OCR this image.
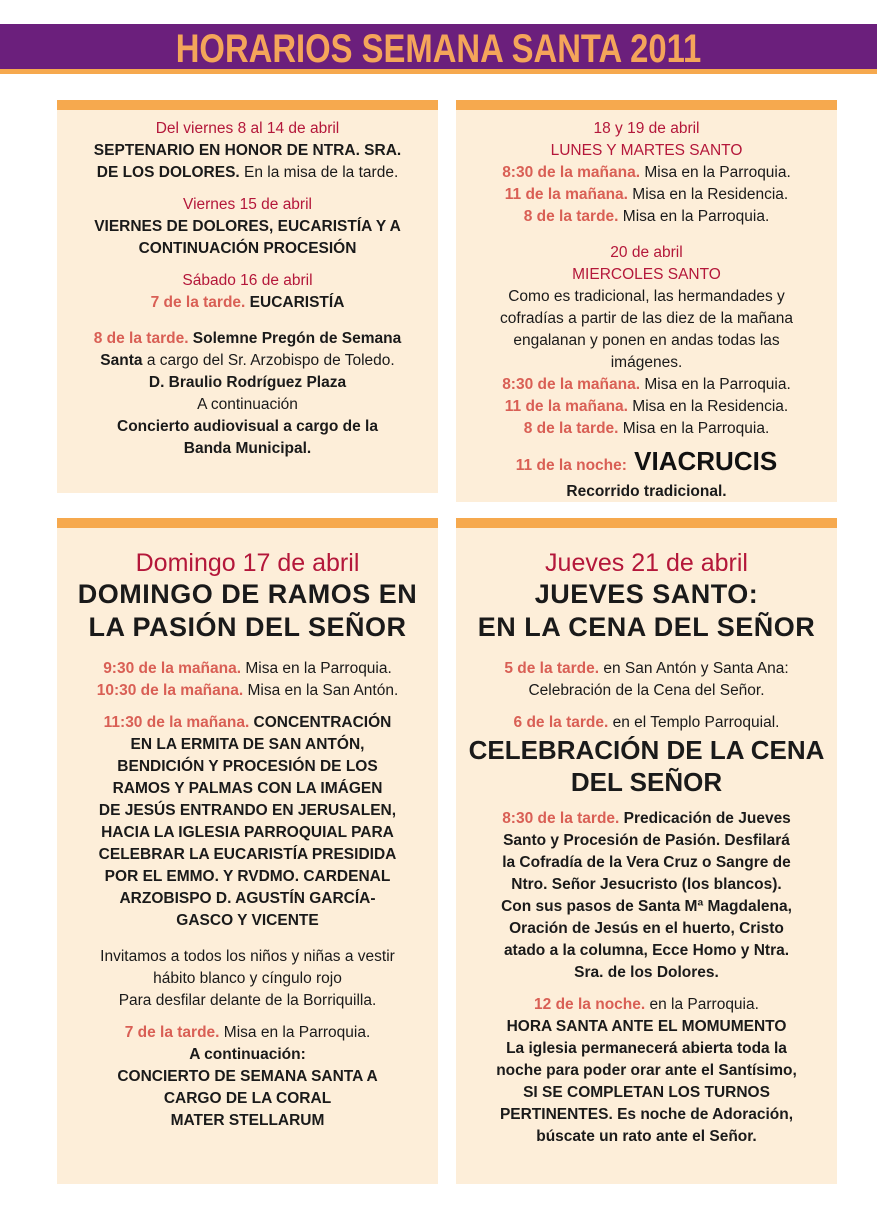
HORARIOS SEMANA SANTA 2011

Del viernes 8 al 14 de abril

SEPTENARIO EN HONOR DE NTRA. SRA.

DE LOS DOLORES. En la misa de la tarde.

Viernes 15 de abril

VIERNES DE DOLORES, EUCARISTÍA Y A

CONTINUACIÓN PROCESIÓN

Sábado 16 de abril

7 de la tarde. EUCARISTÍA

8 de la tarde. Solemne Pregón de Semana

Santa a cargo del Sr. Arzobispo de Toledo.

D. Braulio Rodríguez Plaza

A continuación

Concierto audiovisual a cargo de la

Banda Municipal.

18 y 19 de abril

LUNES Y MARTES SANTO

8:30 de la mañana. Misa en la Parroquia.

11 de la mañana. Misa en la Residencia.

8 de la tarde. Misa en la Parroquia.

20 de abril

MIERCOLES SANTO

Como es tradicional, las hermandades y

cofradías a partir de las diez de la mañana

engalanan y ponen en andas todas las

imágenes.

8:30 de la mañana. Misa en la Parroquia.

11 de la mañana. Misa en la Residencia.

8 de la tarde. Misa en la Parroquia.

11 de la noche: VIACRUCIS

Recorrido tradicional.

Domingo 17 de abril

DOMINGO DE RAMOS EN

LA PASIÓN DEL SEÑOR

9:30 de la mañana. Misa en la Parroquia.

10:30 de la mañana. Misa en la San Antón.

11:30 de la mañana. CONCENTRACIÓN

EN LA ERMITA DE SAN ANTÓN,

BENDICIÓN Y PROCESIÓN DE LOS

RAMOS Y PALMAS CON LA IMÁGEN

DE JESÚS ENTRANDO EN JERUSALEN,

HACIA LA IGLESIA PARROQUIAL PARA

CELEBRAR LA EUCARISTÍA PRESIDIDA

POR EL EMMO. Y RVDMO. CARDENAL

ARZOBISPO D. AGUSTÍN GARCÍA-

GASCO Y VICENTE

Invitamos a todos los niños y niñas a vestir

hábito blanco y cíngulo rojo

Para desfilar delante de la Borriquilla.

7 de la tarde. Misa en la Parroquia.

A continuación:

CONCIERTO DE SEMANA SANTA A

CARGO DE LA CORAL

MATER STELLARUM

Jueves 21 de abril

JUEVES SANTO:

EN LA CENA DEL SEÑOR

5 de la tarde. en San Antón y Santa Ana:

Celebración de la Cena del Señor.

6 de la tarde. en el Templo Parroquial.

CELEBRACIÓN DE LA CENA

DEL SEÑOR

8:30 de la tarde. Predicación de Jueves

Santo y Procesión de Pasión. Desfilará

la Cofradía de la Vera Cruz o Sangre de

Ntro. Señor Jesucristo (los blancos).

Con sus pasos de Santa Mª Magdalena,

Oración de Jesús en el huerto, Cristo

atado a la columna, Ecce Homo y Ntra.

Sra. de los Dolores.

12 de la noche. en la Parroquia.

HORA SANTA ANTE EL MOMUMENTO

La iglesia permanecerá abierta toda la

noche para poder orar ante el Santísimo,

SI SE COMPLETAN LOS TURNOS

PERTINENTES. Es noche de Adoración,

búscate un rato ante el Señor.
